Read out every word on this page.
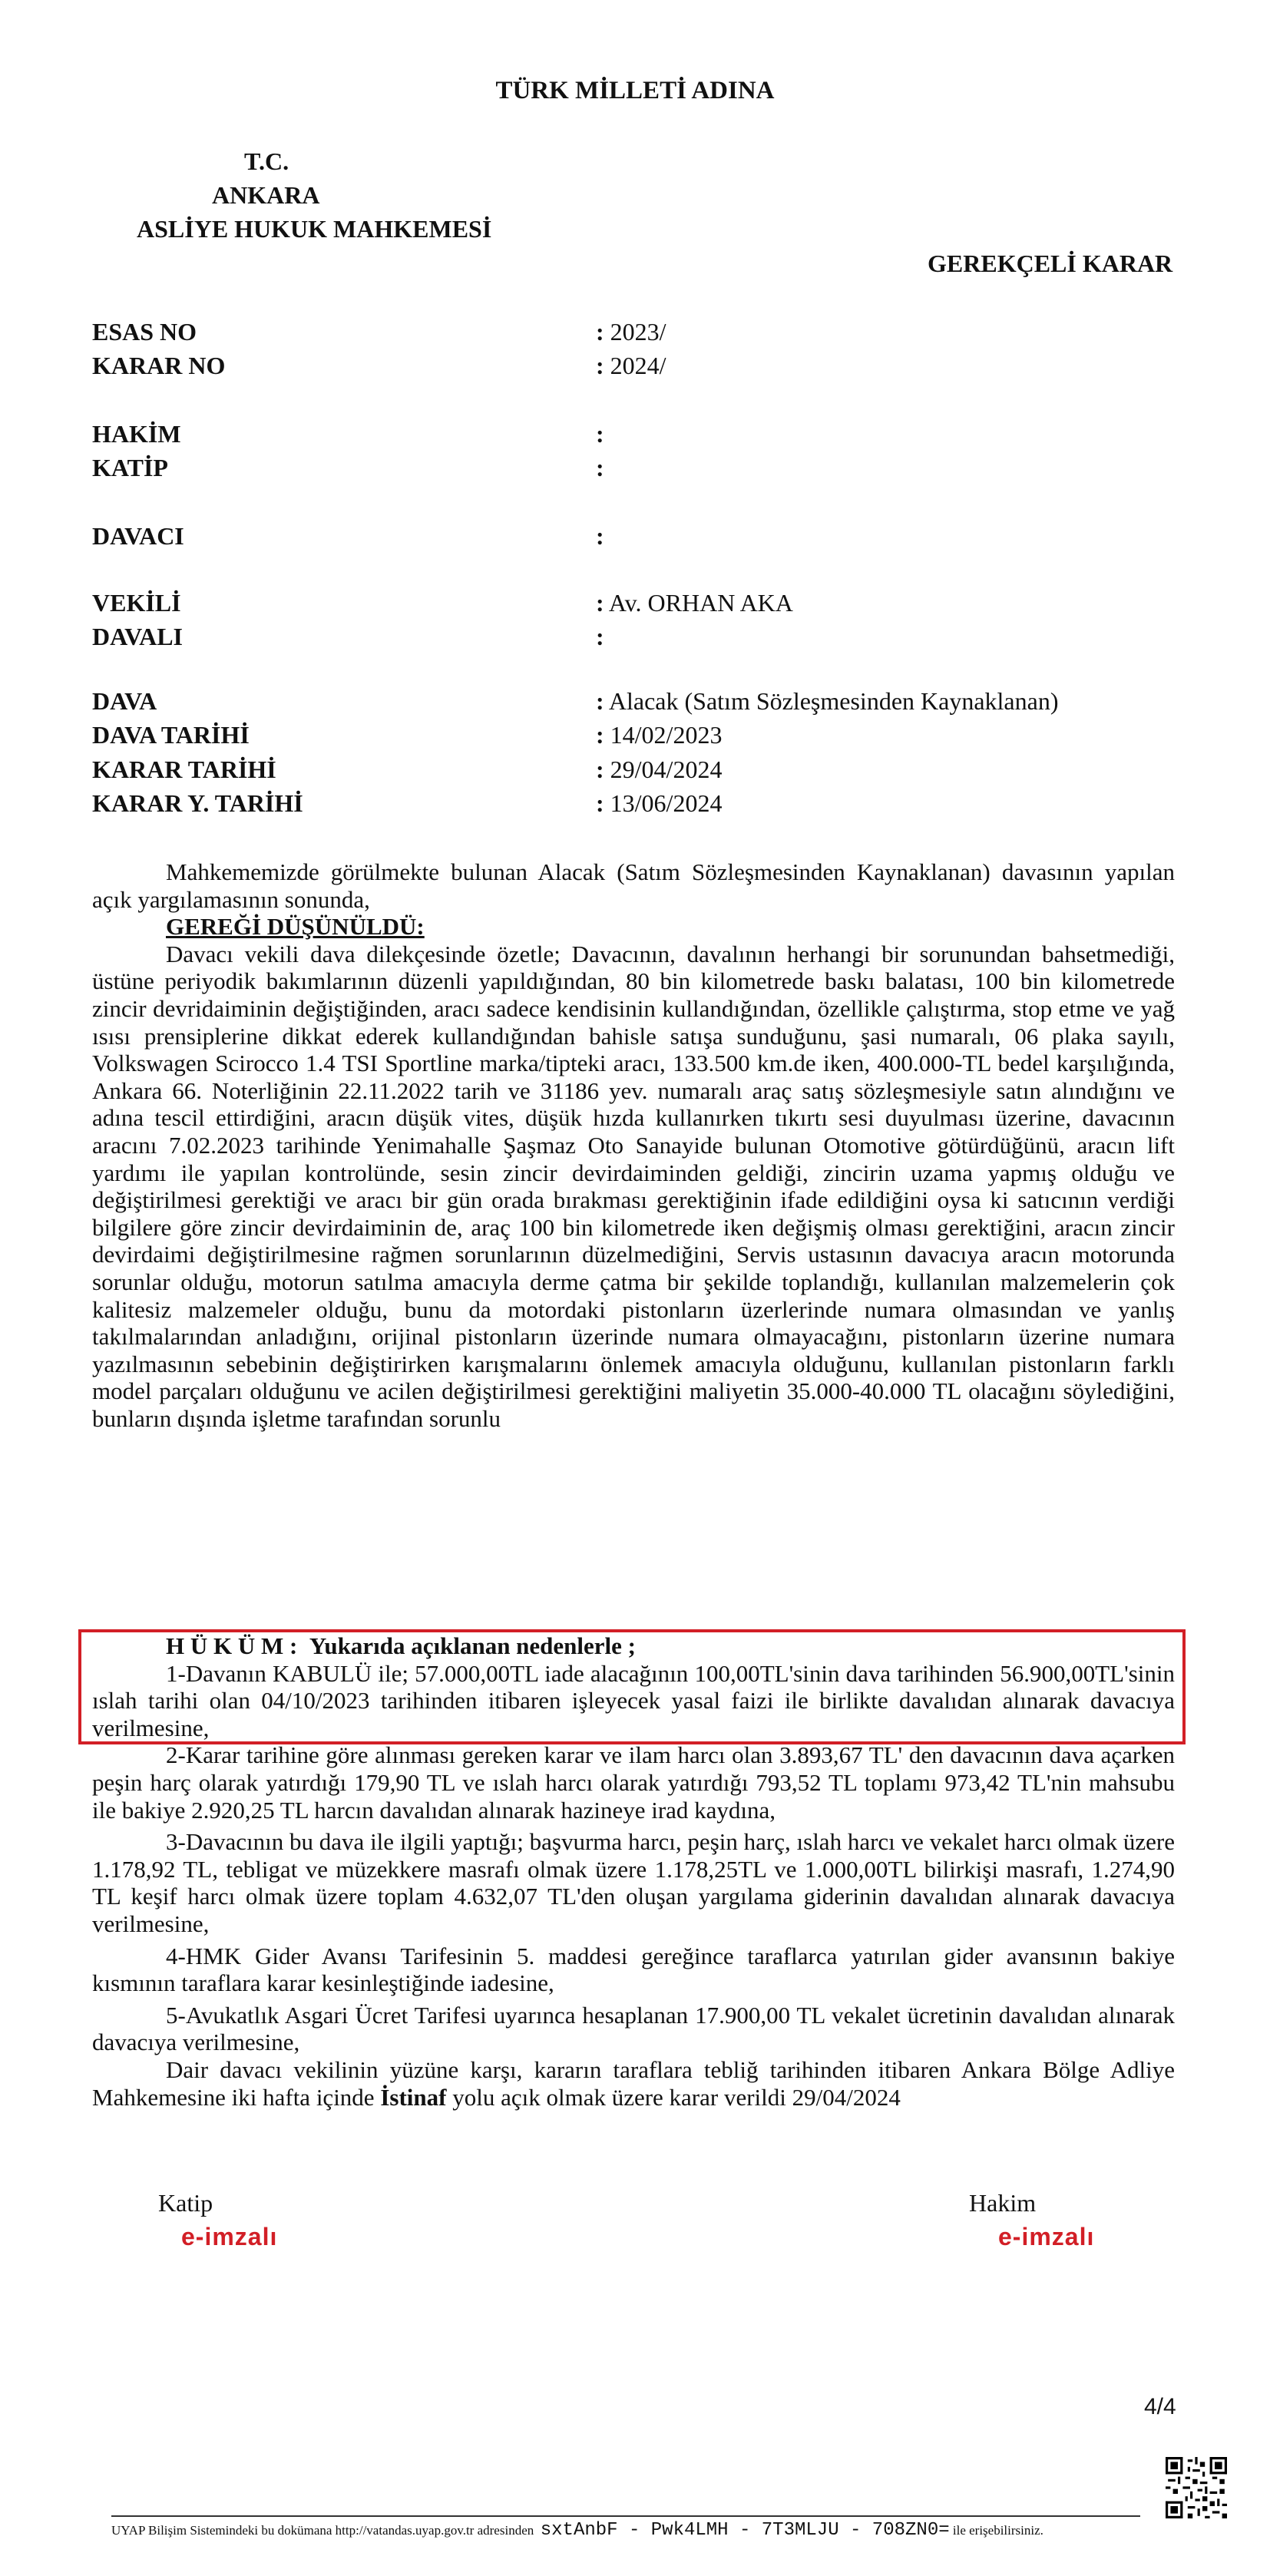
TÜRK MİLLETİ ADINA
T.C.
ANKARA
ASLİYE HUKUK MAHKEMESİ
GEREKÇELİ KARAR
ESAS NO	: 2023/
KARAR NO	: 2024/
HAKİM	:
KATİP	:
DAVACI	:
VEKİLİ	: Av. ORHAN AKA
DAVALI	:
DAVA	: Alacak (Satım Sözleşmesinden Kaynaklanan)
DAVA TARİHİ	: 14/02/2023
KARAR TARİHİ	: 29/04/2024
KARAR Y. TARİHİ	: 13/06/2024

Mahkememizde görülmekte bulunan Alacak (Satım Sözleşmesinden Kaynaklanan) davasının yapılan açık yargılamasının sonunda,

GEREĞİ DÜŞÜNÜLDÜ:

Davacı vekili dava dilekçesinde özetle; Davacının, davalının herhangi bir sorunundan bahsetmediği, üstüne periyodik bakımlarının düzenli yapıldığından, 80 bin kilometrede baskı balatası, 100 bin kilometrede zincir devridaiminin değiştiğinden, aracı sadece kendisinin kullandığından, özellikle çalıştırma, stop etme ve yağ ısısı prensiplerine dikkat ederek kullandığından bahisle satışa sunduğunu, şasi numaralı, 06 plaka sayılı, Volkswagen Scirocco 1.4 TSI Sportline marka/tipteki aracı, 133.500 km.de iken, 400.000-TL bedel karşılığında, Ankara 66. Noterliğinin 22.11.2022 tarih ve 31186 yev. numaralı araç satış sözleşmesiyle satın alındığını ve adına tescil ettirdiğini, aracın düşük vites, düşük hızda kullanırken tıkırtı sesi duyulması üzerine, davacının aracını 7.02.2023 tarihinde Yenimahalle Şaşmaz Oto Sanayide bulunan Otomotive götürdüğünü, aracın lift yardımı ile yapılan kontrolünde, sesin zincir devirdaiminden geldiği, zincirin uzama yapmış olduğu ve değiştirilmesi gerektiği ve aracı bir gün orada bırakması gerektiğinin ifade edildiğini oysa ki satıcının verdiği bilgilere göre zincir devirdaiminin de, araç 100 bin kilometrede iken değişmiş olması gerektiğini, aracın zincir devirdaimi değiştirilmesine rağmen sorunlarının düzelmediğini, Servis ustasının davacıya aracın motorunda sorunlar olduğu, motorun satılma amacıyla derme çatma bir şekilde toplandığı, kullanılan malzemelerin çok kalitesiz malzemeler olduğu, bunu da motordaki pistonların üzerlerinde numara olmasından ve yanlış takılmalarından anladığını, orijinal pistonların üzerinde numara olmayacağını, pistonların üzerine numara yazılmasının sebebinin değiştirirken karışmalarını önlemek amacıyla olduğunu, kullanılan pistonların farklı model parçaları olduğunu ve acilen değiştirilmesi gerektiğini maliyetin 35.000-40.000 TL olacağını söylediğini, bunların dışında işletme tarafından sorunlu

H Ü K Ü M : Yukarıda açıklanan nedenlerle ;

1-Davanın KABULÜ ile; 57.000,00TL iade alacağının 100,00TL'sinin dava tarihinden 56.900,00TL'sinin ıslah tarihi olan 04/10/2023 tarihinden itibaren işleyecek yasal faizi ile birlikte davalıdan alınarak davacıya verilmesine,

2-Karar tarihine göre alınması gereken karar ve ilam harcı olan 3.893,67 TL' den davacının dava açarken peşin harç olarak yatırdığı 179,90 TL ve ıslah harcı olarak yatırdığı 793,52 TL toplamı 973,42 TL'nin mahsubu ile bakiye 2.920,25 TL harcın davalıdan alınarak hazineye irad kaydına,

3-Davacının bu dava ile ilgili yaptığı; başvurma harcı, peşin harç, ıslah harcı ve vekalet harcı olmak üzere 1.178,92 TL, tebligat ve müzekkere masrafı olmak üzere 1.178,25TL ve 1.000,00TL bilirkişi masrafı, 1.274,90 TL keşif harcı olmak üzere toplam 4.632,07 TL'den oluşan yargılama giderinin davalıdan alınarak davacıya verilmesine,

4-HMK Gider Avansı Tarifesinin 5. maddesi gereğince taraflarca yatırılan gider avansının bakiye kısmının taraflara karar kesinleştiğinde iadesine,

5-Avukatlık Asgari Ücret Tarifesi uyarınca hesaplanan 17.900,00 TL vekalet ücretinin davalıdan alınarak davacıya verilmesine,

Dair davacı vekilinin yüzüne karşı, kararın taraflara tebliğ tarihinden itibaren Ankara Bölge Adliye Mahkemesine iki hafta içinde İstinaf yolu açık olmak üzere karar verildi 29/04/2024

Katip
e-imzalı
Hakim
e-imzalı
4/4
UYAP Bilişim Sistemindeki bu dokümana http://vatandas.uyap.gov.tr adresinden sxtAnbF - Pwk4LMH - 7T3MLJU - 708ZN0= ile erişebilirsiniz.
